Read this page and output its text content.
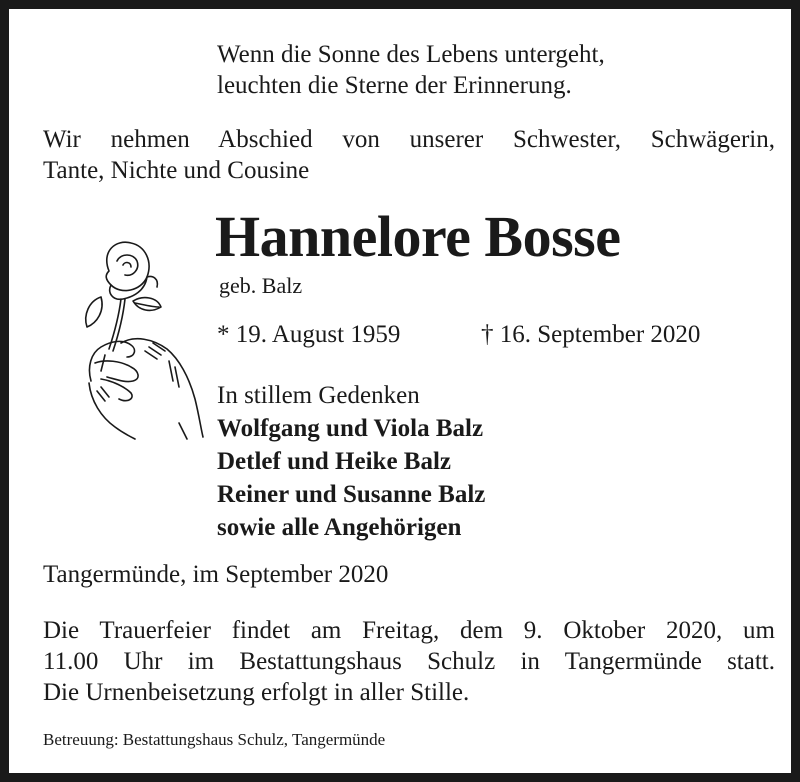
Wenn die Sonne des Lebens untergeht,
leuchten die Sterne der Erinnerung.
Wir nehmen Abschied von unserer Schwester, Schwägerin,
Tante, Nichte und Cousine
Hannelore Bosse
geb. Balz
* 19. August 1959	† 16. September 2020
In stillem Gedenken
Wolfgang und Viola Balz
Detlef und Heike Balz
Reiner und Susanne Balz
sowie alle Angehörigen
Tangermünde, im September 2020
Die Trauerfeier findet am Freitag, dem 9. Oktober 2020, um
11.00 Uhr im Bestattungshaus Schulz in Tangermünde statt.
Die Urnenbeisetzung erfolgt in aller Stille.
Betreuung: Bestattungshaus Schulz, Tangermünde
